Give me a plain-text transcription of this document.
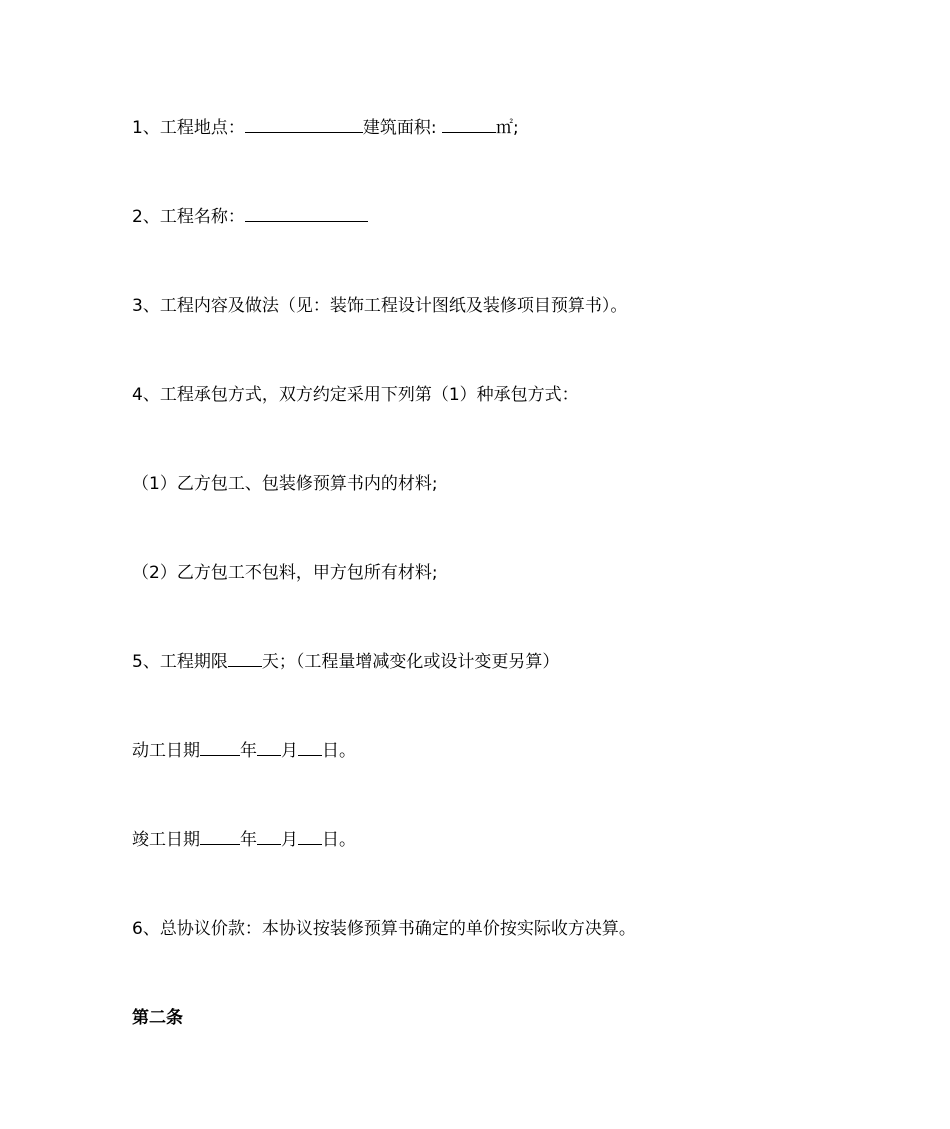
1、工程地点：	建筑面积:	㎡;
2、工程名称：
3、工程内容及做法（见：装饰工程设计图纸及装修项目预算书）。
4、工程承包方式，双方约定采用下列第（1）种承包方式：
（1）乙方包工、包装修预算书内的材料;
（2）乙方包工不包料，甲方包所有材料;
5、工程期限 天；（工程量增减变化或设计变更另算）
动工日期 年 月 日。
竣工日期 年 月 日。
6、总协议价款：本协议按装修预算书确定的单价按实际收方决算。
第二条
